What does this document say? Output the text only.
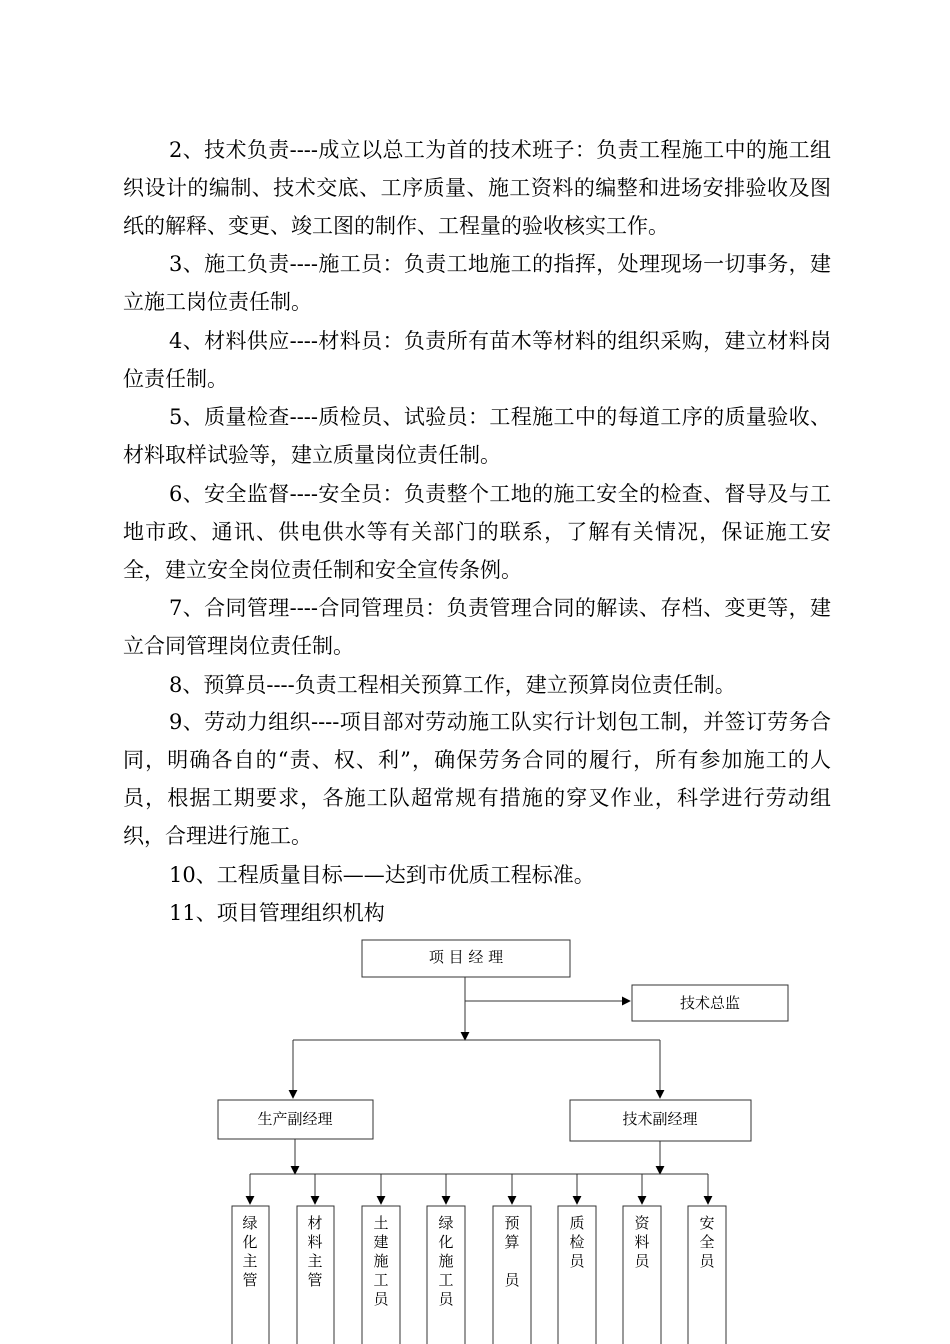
2、技术负责----成立以总工为首的技术班子：负责工程施工中的施工组织设计的编制、技术交底、工序质量、施工资料的编整和进场安排验收及图纸的解释、变更、竣工图的制作、工程量的验收核实工作。

3、施工负责----施工员：负责工地施工的指挥，处理现场一切事务，建立施工岗位责任制。

4、材料供应----材料员：负责所有苗木等材料的组织采购，建立材料岗位责任制。

5、质量检查----质检员、试验员：工程施工中的每道工序的质量验收、材料取样试验等，建立质量岗位责任制。

6、安全监督----安全员：负责整个工地的施工安全的检查、督导及与工地市政、通讯、供电供水等有关部门的联系，了解有关情况，保证施工安全，建立安全岗位责任制和安全宣传条例。

7、合同管理----合同管理员：负责管理合同的解读、存档、变更等，建立合同管理岗位责任制。

8、预算员----负责工程相关预算工作，建立预算岗位责任制。

9、劳动力组织----项目部对劳动施工队实行计划包工制，并签订劳务合同，明确各自的“责、权、利”，确保劳务合同的履行，所有参加施工的人员，根据工期要求，各施工队超常规有措施的穿叉作业，科学进行劳动组织，合理进行施工。

10、工程质量目标——达到市优质工程标准。

11、项目管理组织机构

项 目 经 理
技术总监
生产副经理	技术副经理
绿化主管
材料主管
土建施工员
绿化施工员
预算　员
质检员
资料员
安全员
